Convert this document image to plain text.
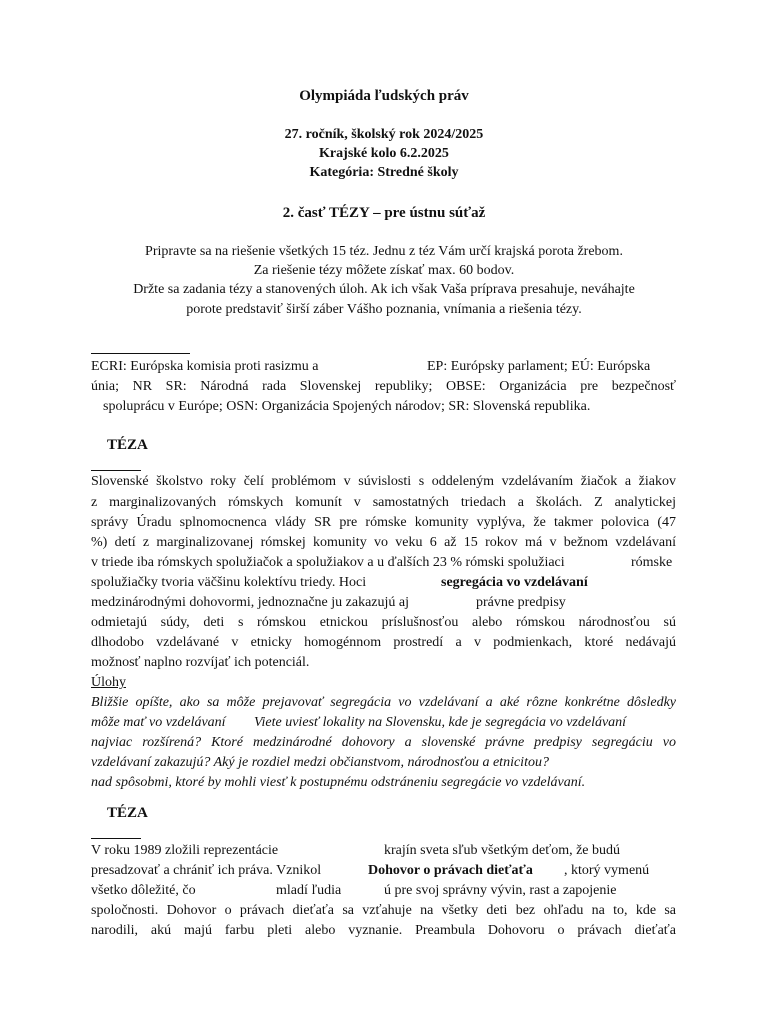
Olympiáda ľudských práv
27. ročník, školský rok 2024/2025
Krajské kolo 6.2.2025
Kategória: Stredné školy
2. časť TÉZY – pre ústnu súťaž
Pripravte sa na riešenie všetkých 15 téz. Jednu z téz Vám určí krajská porota žrebom.
Za riešenie tézy môžete získať max. 60 bodov.
Držte sa zadania tézy a stanovených úloh. Ak ich však Vaša príprava presahuje, neváhajte
porote predstaviť širší záber Vášho poznania, vnímania a riešenia tézy.
ECRI: Európska komisia proti rasizmu a	EP: Európsky parlament; EÚ: Európska
únia; NR SR: Národná rada Slovenskej republiky; OBSE: Organizácia pre bezpečnosť
spoluprácu v Európe; OSN: Organizácia Spojených národov; SR: Slovenská republika.
TÉZA
Slovenské školstvo roky čelí problémom v súvislosti s oddeleným vzdelávaním žiačok a žiakov
z marginalizovaných rómskych komunít v samostatných triedach a školách. Z analytickej
správy Úradu splnomocnenca vlády SR pre rómske komunity vyplýva, že takmer polovica (47
%) detí z marginalizovanej rómskej komunity vo veku 6 až 15 rokov má v bežnom vzdelávaní
v triede iba rómskych spolužiačok a spolužiakov a u ďalších 23 % rómski spolužiaci	rómske
spolužiačky tvoria väčšinu kolektívu triedy. Hoci	segregácia vo vzdelávaní
medzinárodnými dohovormi, jednoznačne ju zakazujú aj	právne predpisy
odmietajú súdy, deti s rómskou etnickou príslušnosťou alebo rómskou národnosťou sú
dlhodobo vzdelávané v etnicky homogénnom prostredí a v podmienkach, ktoré nedávajú
možnosť naplno rozvíjať ich potenciál.
Úlohy
Bližšie opíšte, ako sa môže prejavovať segregácia vo vzdelávaní a aké rôzne konkrétne dôsledky
môže mať vo vzdelávaní Viete uviesť lokality na Slovensku, kde je segregácia vo vzdelávaní
najviac rozšírená? Ktoré medzinárodné dohovory a slovenské právne predpisy segregáciu vo
vzdelávaní zakazujú? Aký je rozdiel medzi občianstvom, národnosťou a etnicitou?
nad spôsobmi, ktoré by mohli viesť k postupnému odstráneniu segregácie vo vzdelávaní.
TÉZA
V roku 1989 zložili reprezentácie	krajín sveta sľub všetkým deťom, že budú
presadzovať a chrániť ich práva. Vznikol	Dohovor o právach dieťaťa , ktorý vymenú
všetko dôležité, čo	mladí ľudia	ú pre svoj správny vývin, rast a zapojenie
spoločnosti. Dohovor o právach dieťaťa sa vzťahuje na všetky deti bez ohľadu na to, kde sa
narodili, akú majú farbu pleti alebo vyznanie. Preambula Dohovoru o právach dieťaťa
